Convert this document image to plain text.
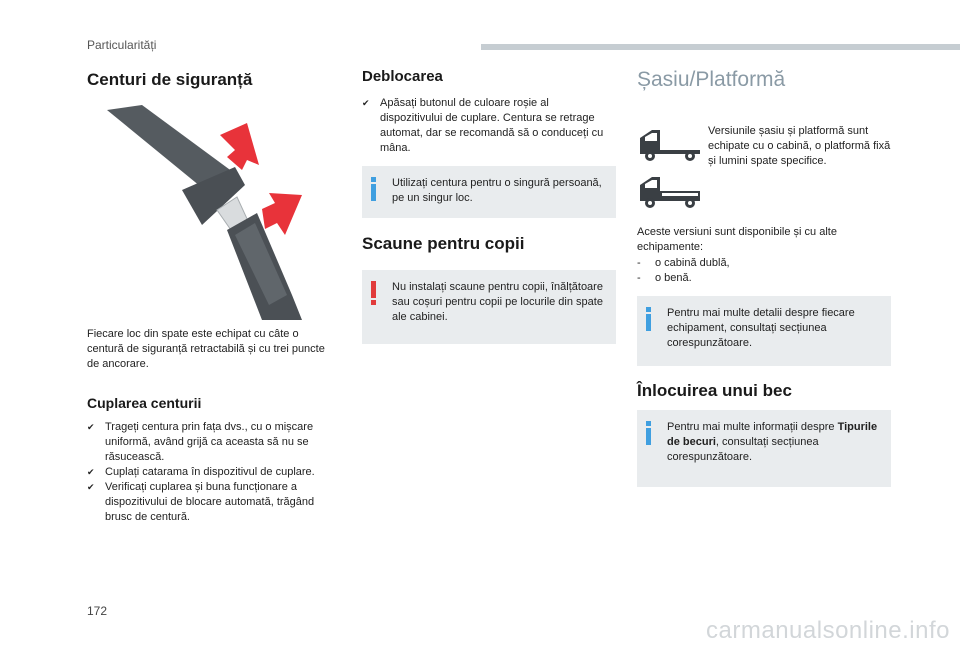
Particularități
Centuri de siguranță

Fiecare loc din spate este echipat cu câte o centură de siguranță retractabilă și cu trei puncte de ancorare.

Cuplarea centurii
✔ Trageți centura prin fața dvs., cu o mișcare uniformă, având grijă ca aceasta să nu se răsucească.
✔ Cuplați catarama în dispozitivul de cuplare.
✔ Verificați cuplarea și buna funcționare a dispozitivului de blocare automată, trăgând brusc de centură.
Deblocarea
✔ Apăsați butonul de culoare roșie al dispozitivului de cuplare. Centura se retrage automat, dar se recomandă să o conduceți cu mâna.
Utilizați centura pentru o singură persoană, pe un singur loc.
Scaune pentru copii
Nu instalați scaune pentru copii, înălțătoare sau coșuri pentru copii pe locurile din spate ale cabinei.
Șasiu/Platformă

Versiunile șasiu și platformă sunt echipate cu o cabină, o platformă fixă și lumini spate specifice.

Aceste versiuni sunt disponibile și cu alte echipamente:

- o cabină dublă,
- o benă.
Pentru mai multe detalii despre fiecare echipament, consultați secțiunea corespunzătoare.
Înlocuirea unui bec
Pentru mai multe informații despre Tipurile de becuri, consultați secțiunea corespunzătoare.
172
carmanualsonline.info
